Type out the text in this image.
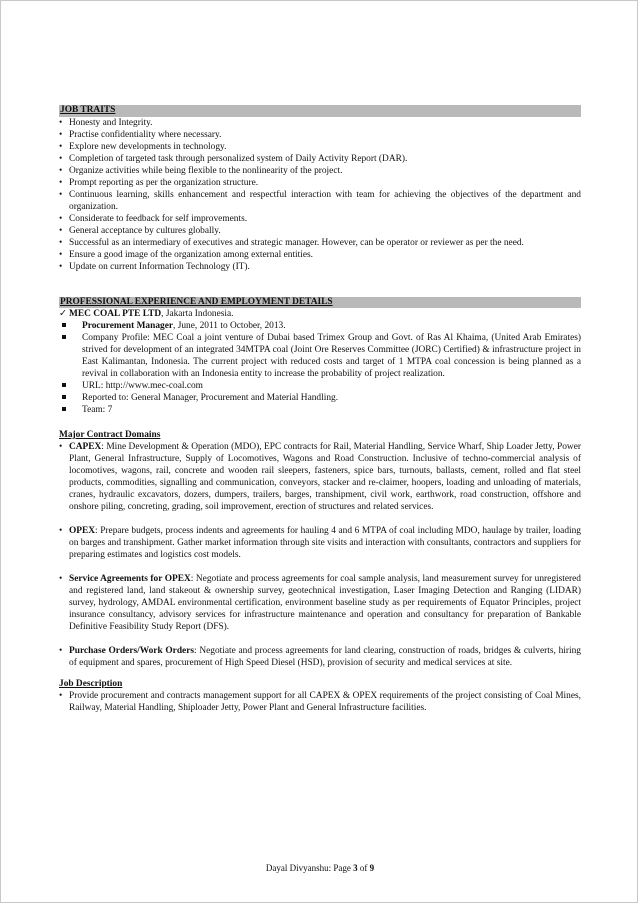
JOB TRAITS
• Honesty and Integrity.
• Practise confidentiality where necessary.
• Explore new developments in technology.
• Completion of targeted task through personalized system of Daily Activity Report (DAR).
• Organize activities while being flexible to the nonlinearity of the project.
• Prompt reporting as per the organization structure.
• Continuous learning, skills enhancement and respectful interaction with team for achieving the objectives of the department and organization.
• Considerate to feedback for self improvements.
• General acceptance by cultures globally.
• Successful as an intermediary of executives and strategic manager. However, can be operator or reviewer as per the need.
• Ensure a good image of the organization among external entities.
• Update on current Information Technology (IT).
PROFESSIONAL EXPERIENCE AND EMPLOYMENT DETAILS
✓ MEC COAL PTE LTD, Jakarta Indonesia.
Procurement Manager, June, 2011 to October, 2013.
Company Profile: MEC Coal a joint venture of Dubai based Trimex Group and Govt. of Ras Al Khaima, (United Arab Emirates) strived for development of an integrated 34MTPA coal (Joint Ore Reserves Committee (JORC) Certified) & infrastructure project in East Kalimantan, Indonesia. The current project with reduced costs and target of 1 MTPA coal concession is being planned as a revival in collaboration with an Indonesia entity to increase the probability of project realization.
URL: http://www.mec-coal.com
Reported to: General Manager, Procurement and Material Handling.
Team: 7
Major Contract Domains
• CAPEX: Mine Development & Operation (MDO), EPC contracts for Rail, Material Handling, Service Wharf, Ship Loader Jetty, Power Plant, General Infrastructure, Supply of Locomotives, Wagons and Road Construction. Inclusive of techno-commercial analysis of locomotives, wagons, rail, concrete and wooden rail sleepers, fasteners, spice bars, turnouts, ballasts, cement, rolled and flat steel products, commodities, signalling and communication, conveyors, stacker and re-claimer, hoopers, loading and unloading of materials, cranes, hydraulic excavators, dozers, dumpers, trailers, barges, transhipment, civil work, earthwork, road construction, offshore and onshore piling, concreting, grading, soil improvement, erection of structures and related services.
• OPEX: Prepare budgets, process indents and agreements for hauling 4 and 6 MTPA of coal including MDO, haulage by trailer, loading on barges and transhipment. Gather market information through site visits and interaction with consultants, contractors and suppliers for preparing estimates and logistics cost models.
• Service Agreements for OPEX: Negotiate and process agreements for coal sample analysis, land measurement survey for unregistered and registered land, land stakeout & ownership survey, geotechnical investigation, Laser Imaging Detection and Ranging (LIDAR) survey, hydrology, AMDAL environmental certification, environment baseline study as per requirements of Equator Principles, project insurance consultancy, advisory services for infrastructure maintenance and operation and consultancy for preparation of Bankable Definitive Feasibility Study Report (DFS).
• Purchase Orders/Work Orders: Negotiate and process agreements for land clearing, construction of roads, bridges & culverts, hiring of equipment and spares, procurement of High Speed Diesel (HSD), provision of security and medical services at site.
Job Description
• Provide procurement and contracts management support for all CAPEX & OPEX requirements of the project consisting of Coal Mines, Railway, Material Handling, Shiploader Jetty, Power Plant and General Infrastructure facilities.
Dayal Divyanshu: Page 3 of 9
